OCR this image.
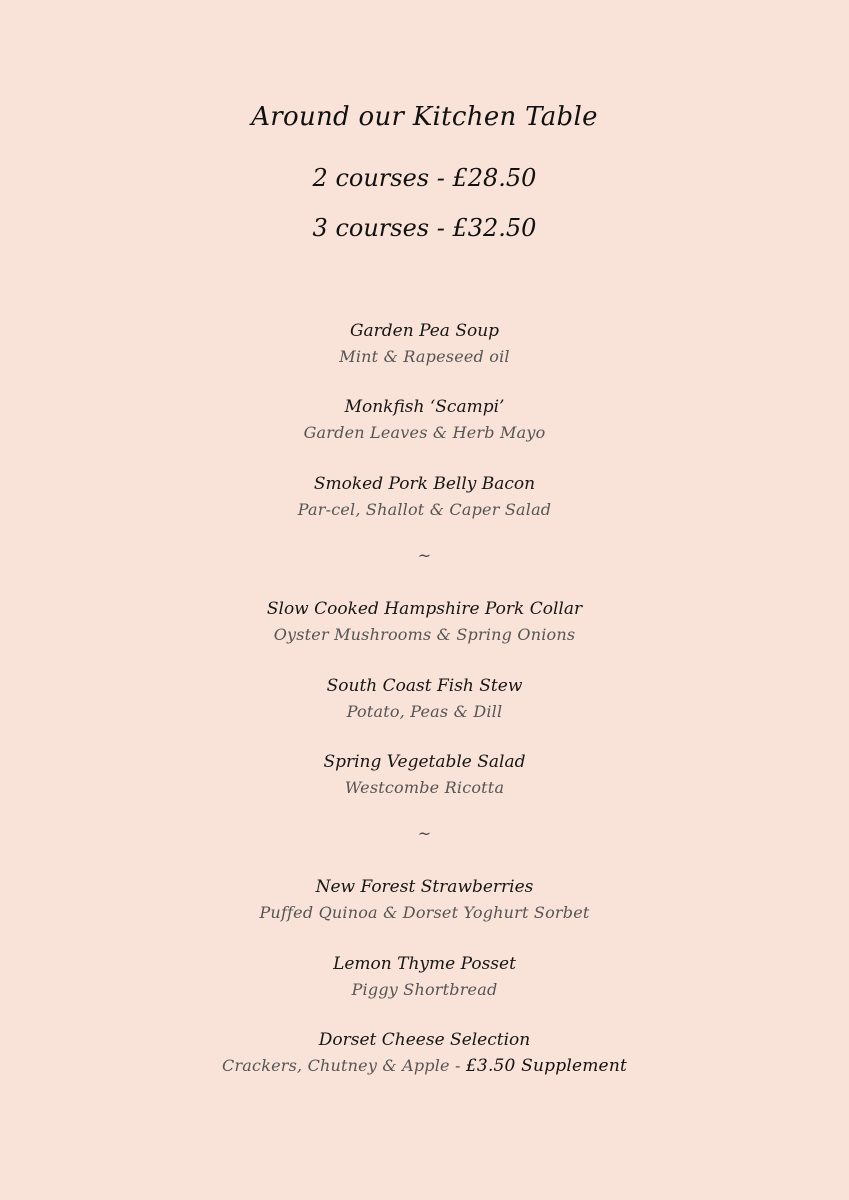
Around our Kitchen Table
2 courses - £28.50
3 courses - £32.50
Garden Pea Soup
Mint & Rapeseed oil
Monkfish ‘Scampi’
Garden Leaves & Herb Mayo
Smoked Pork Belly Bacon
Par-cel, Shallot & Caper Salad
~
Slow Cooked Hampshire Pork Collar
Oyster Mushrooms & Spring Onions
South Coast Fish Stew
Potato, Peas & Dill
Spring Vegetable Salad
Westcombe Ricotta
~
New Forest Strawberries
Puffed Quinoa & Dorset Yoghurt Sorbet
Lemon Thyme Posset
Piggy Shortbread
Dorset Cheese Selection
Crackers, Chutney & Apple - £3.50 Supplement
